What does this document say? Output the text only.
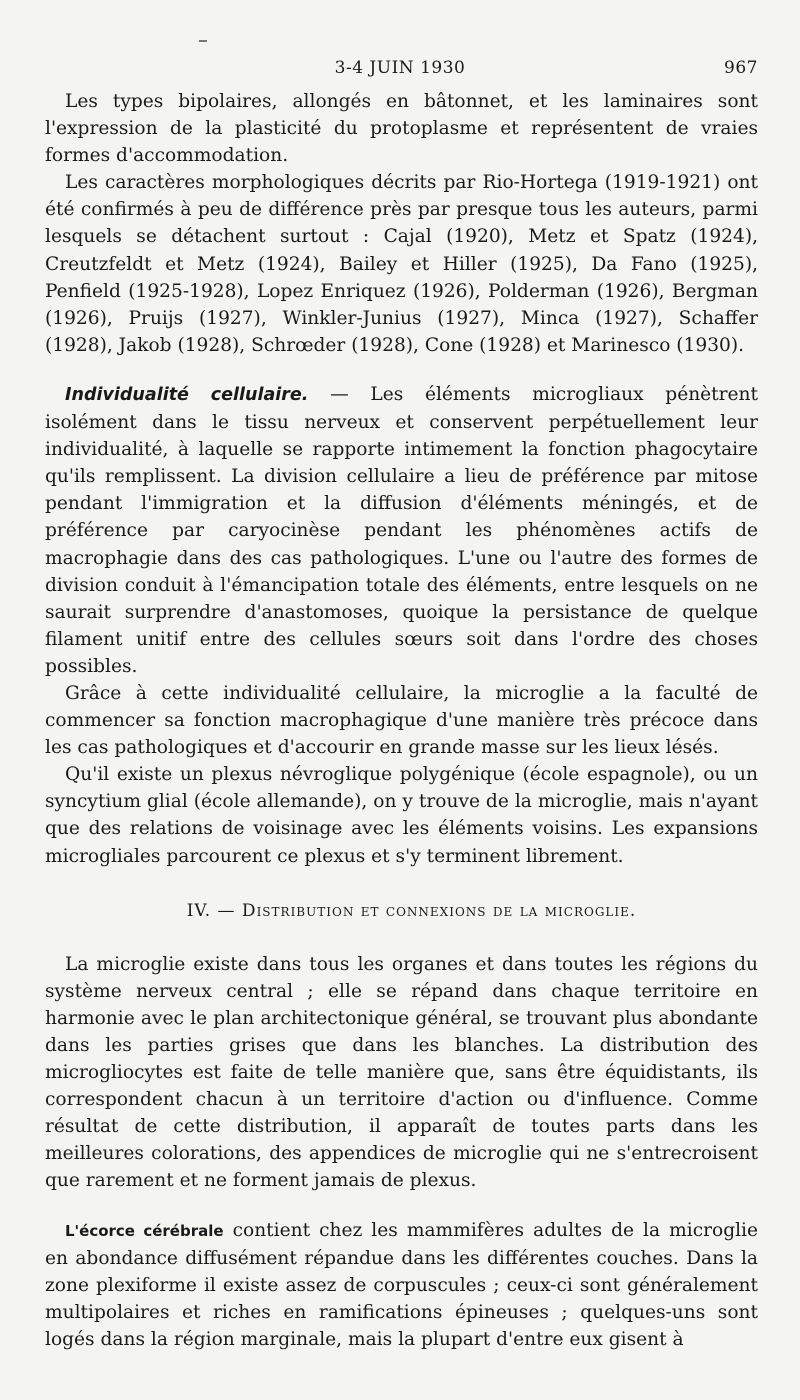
3-4 JUIN 1930	967

Les types bipolaires, allongés en bâtonnet, et les laminaires sont l'expression de la plasticité du protoplasme et représentent de vraies formes d'accommodation.

Les caractères morphologiques décrits par Rio-Hortega (1919-1921) ont été confirmés à peu de différence près par presque tous les auteurs, parmi lesquels se détachent surtout : Cajal (1920), Metz et Spatz (1924), Creutzfeldt et Metz (1924), Bailey et Hiller (1925), Da Fano (1925), Penfield (1925-1928), Lopez Enriquez (1926), Polderman (1926), Bergman (1926), Pruijs (1927), Winkler-Junius (1927), Minca (1927), Schaffer (1928), Jakob (1928), Schrœder (1928), Cone (1928) et Marinesco (1930).

Individualité cellulaire. — Les éléments microgliaux pénètrent isolément dans le tissu nerveux et conservent perpétuellement leur individualité, à laquelle se rapporte intimement la fonction phagocytaire qu'ils remplissent. La division cellulaire a lieu de préférence par mitose pendant l'immigration et la diffusion d'éléments méningés, et de préférence par caryocinèse pendant les phénomènes actifs de macrophagie dans des cas pathologiques. L'une ou l'autre des formes de division conduit à l'émancipation totale des éléments, entre lesquels on ne saurait surprendre d'anastomoses, quoique la persistance de quelque filament unitif entre des cellules sœurs soit dans l'ordre des choses possibles.

Grâce à cette individualité cellulaire, la microglie a la faculté de commencer sa fonction macrophagique d'une manière très précoce dans les cas pathologiques et d'accourir en grande masse sur les lieux lésés.

Qu'il existe un plexus névroglique polygénique (école espagnole), ou un syncytium glial (école allemande), on y trouve de la microglie, mais n'ayant que des relations de voisinage avec les éléments voisins. Les expansions microgliales parcourent ce plexus et s'y terminent librement.

IV. — Distribution et connexions de la microglie.

La microglie existe dans tous les organes et dans toutes les régions du système nerveux central ; elle se répand dans chaque territoire en harmonie avec le plan architectonique général, se trouvant plus abondante dans les parties grises que dans les blanches. La distribution des microgliocytes est faite de telle manière que, sans être équidistants, ils correspondent chacun à un territoire d'action ou d'influence. Comme résultat de cette distribution, il apparaît de toutes parts dans les meilleures colorations, des appendices de microglie qui ne s'entrecroisent que rarement et ne forment jamais de plexus.

L'écorce cérébrale contient chez les mammifères adultes de la microglie en abondance diffusément répandue dans les différentes couches. Dans la zone plexiforme il existe assez de corpuscules ; ceux-ci sont généralement multipolaires et riches en ramifications épineuses ; quelques-uns sont logés dans la région marginale, mais la plupart d'entre eux gisent à
